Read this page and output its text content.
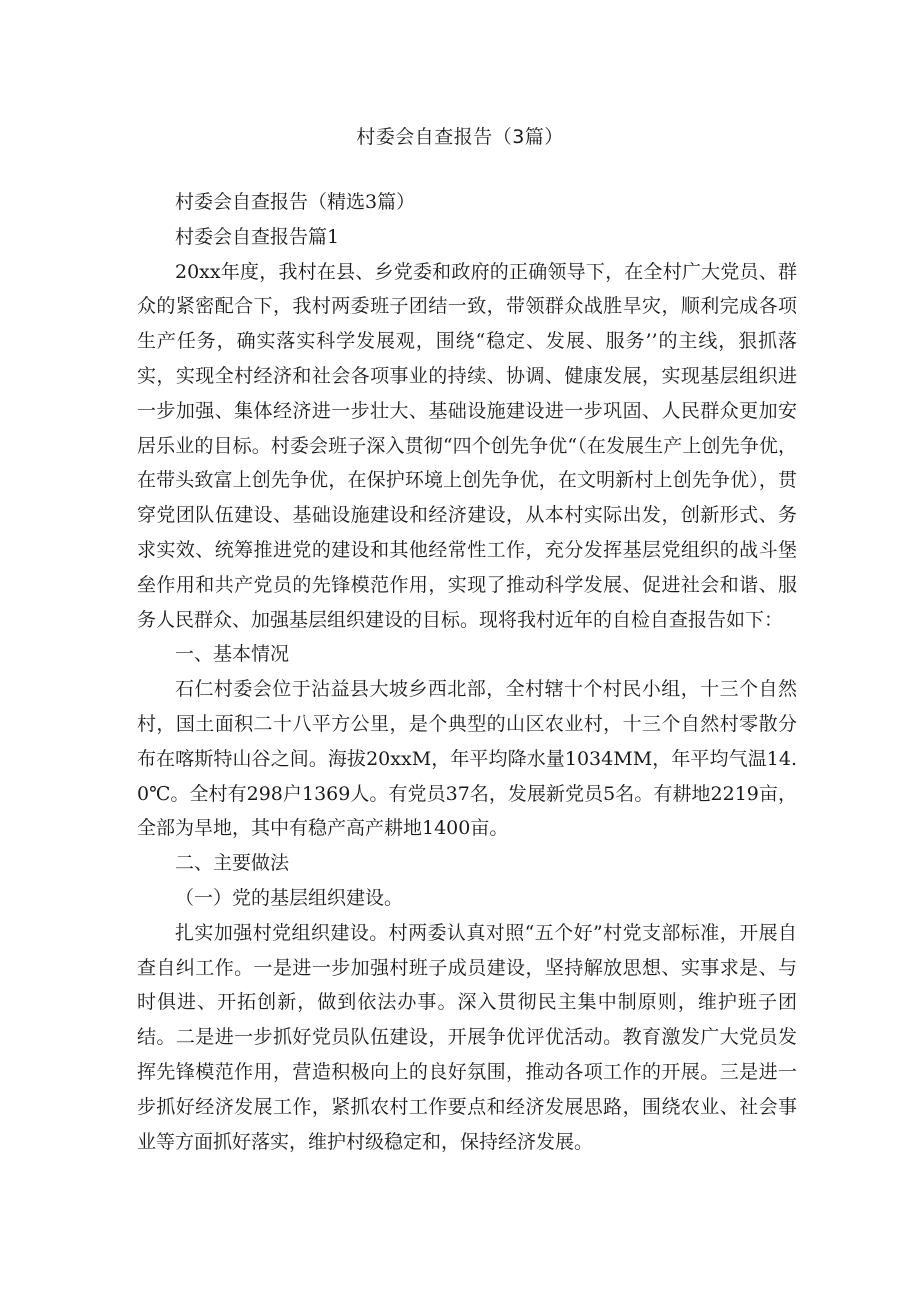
村委会自查报告（3篇）

村委会自查报告（精选3篇）

村委会自查报告篇1

20xx年度，我村在县、乡党委和政府的正确领导下，在全村广大党员、群众的紧密配合下，我村两委班子团结一致，带领群众战胜旱灾，顺利完成各项生产任务，确实落实科学发展观，围绕“稳定、发展、服务’’的主线，狠抓落实，实现全村经济和社会各项事业的持续、协调、健康发展，实现基层组织进一步加强、集体经济进一步壮大、基础设施建设进一步巩固、人民群众更加安居乐业的目标。村委会班子深入贯彻“四个创先争优“（在发展生产上创先争优，在带头致富上创先争优，在保护环境上创先争优，在文明新村上创先争优），贯穿党团队伍建设、基础设施建设和经济建设，从本村实际出发，创新形式、务求实效、统筹推进党的建设和其他经常性工作，充分发挥基层党组织的战斗堡垒作用和共产党员的先锋模范作用，实现了推动科学发展、促进社会和谐、服务人民群众、加强基层组织建设的目标。现将我村近年的自检自查报告如下：

一、基本情况

石仁村委会位于沾益县大坡乡西北部，全村辖十个村民小组，十三个自然村，国土面积二十八平方公里，是个典型的山区农业村，十三个自然村零散分布在喀斯特山谷之间。海拔20xxM，年平均降水量1034MM，年平均气温14.0℃。全村有298户1369人。有党员37名，发展新党员5名。有耕地2219亩，全部为旱地，其中有稳产高产耕地1400亩。

二、主要做法

（一）党的基层组织建设。

扎实加强村党组织建设。村两委认真对照“五个好”村党支部标准，开展自查自纠工作。一是进一步加强村班子成员建设，坚持解放思想、实事求是、与时俱进、开拓创新，做到依法办事。深入贯彻民主集中制原则，维护班子团结。二是进一步抓好党员队伍建设，开展争优评优活动。教育激发广大党员发挥先锋模范作用，营造积极向上的良好氛围，推动各项工作的开展。三是进一步抓好经济发展工作，紧抓农村工作要点和经济发展思路，围绕农业、社会事业等方面抓好落实，维护村级稳定和，保持经济发展。
